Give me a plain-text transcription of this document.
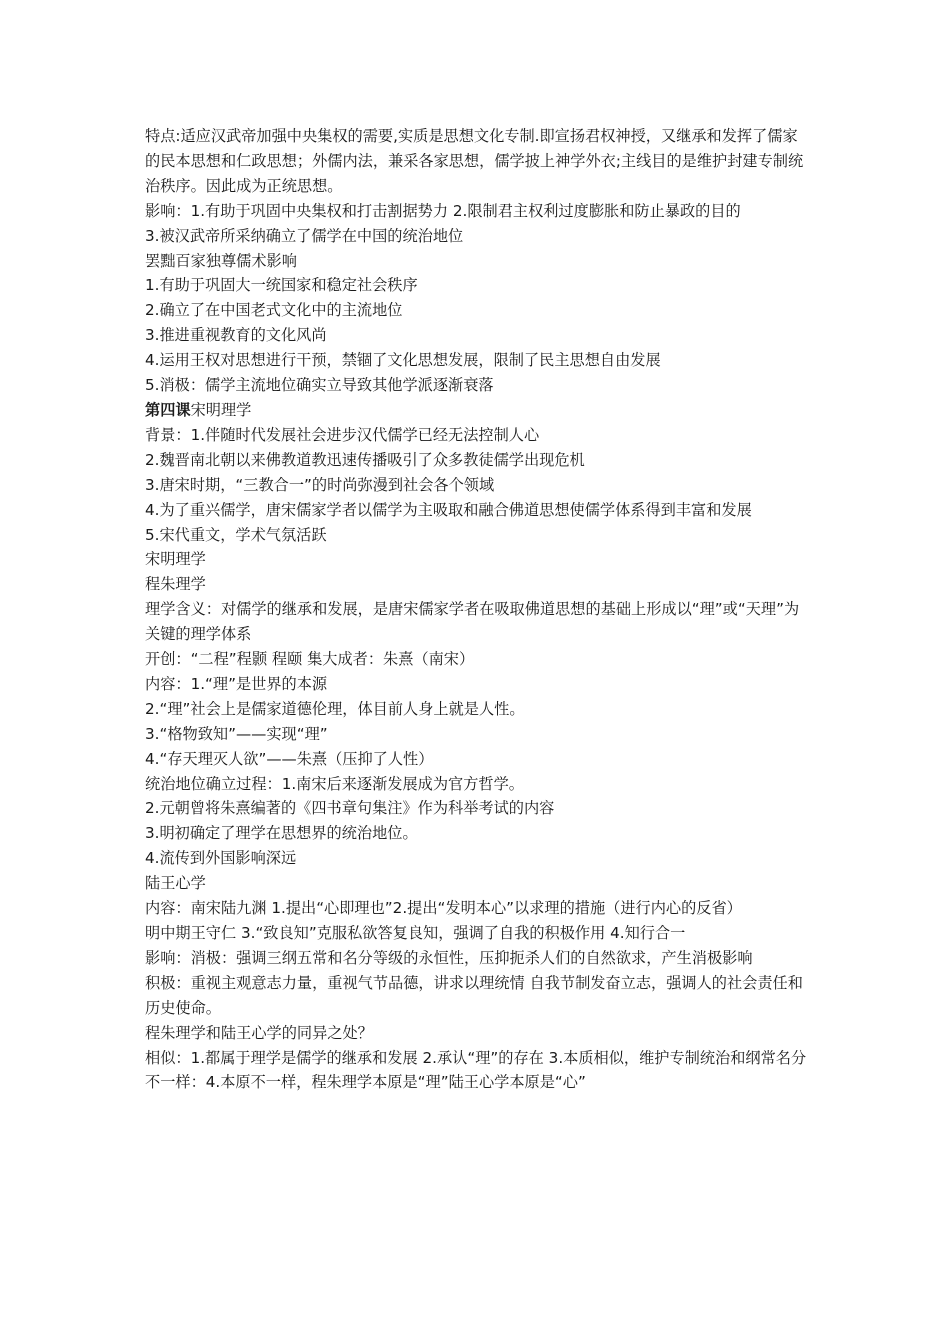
特点:适应汉武帝加强中央集权的需要,实质是思想文化专制.即宣扬君权神授，又继承和发挥了儒家的民本思想和仁政思想；外儒内法，兼采各家思想，儒学披上神学外衣;主线目的是维护封建专制统治秩序。因此成为正统思想。

影响：1.有助于巩固中央集权和打击割据势力 2.限制君主权利过度膨胀和防止暴政的目的

3.被汉武帝所采纳确立了儒学在中国的统治地位

罢黜百家独尊儒术影响

1.有助于巩固大一统国家和稳定社会秩序

2.确立了在中国老式文化中的主流地位

3.推进重视教育的文化风尚

4.运用王权对思想进行干预，禁锢了文化思想发展，限制了民主思想自由发展

5.消极：儒学主流地位确实立导致其他学派逐渐衰落

第四课宋明理学

背景：1.伴随时代发展社会进步汉代儒学已经无法控制人心

2.魏晋南北朝以来佛教道教迅速传播吸引了众多教徒儒学出现危机

3.唐宋时期，“三教合一”的时尚弥漫到社会各个领域

4.为了重兴儒学，唐宋儒家学者以儒学为主吸取和融合佛道思想使儒学体系得到丰富和发展

5.宋代重文，学术气氛活跃

宋明理学

程朱理学

理学含义：对儒学的继承和发展，是唐宋儒家学者在吸取佛道思想的基础上形成以“理”或“天理”为关键的理学体系

开创：“二程”程颢 程颐 集大成者：朱熹（南宋）

内容：1.“理”是世界的本源

2.“理”社会上是儒家道德伦理，体目前人身上就是人性。

3.“格物致知”——实现“理”

4.“存天理灭人欲”——朱熹（压抑了人性）

统治地位确立过程：1.南宋后来逐渐发展成为官方哲学。

2.元朝曾将朱熹编著的《四书章句集注》作为科举考试的内容

3.明初确定了理学在思想界的统治地位。

4.流传到外国影响深远

陆王心学

内容：南宋陆九渊 1.提出“心即理也”2.提出“发明本心”以求理的措施（进行内心的反省）

明中期王守仁 3.“致良知”克服私欲答复良知，强调了自我的积极作用 4.知行合一

影响：消极：强调三纲五常和名分等级的永恒性，压抑扼杀人们的自然欲求，产生消极影响

积极：重视主观意志力量，重视气节品德，讲求以理统情 自我节制发奋立志，强调人的社会责任和历史使命。

程朱理学和陆王心学的同异之处？

相似：1.都属于理学是儒学的继承和发展 2.承认“理”的存在 3.本质相似，维护专制统治和纲常名分

不一样：4.本原不一样，程朱理学本原是“理”陆王心学本原是“心”
